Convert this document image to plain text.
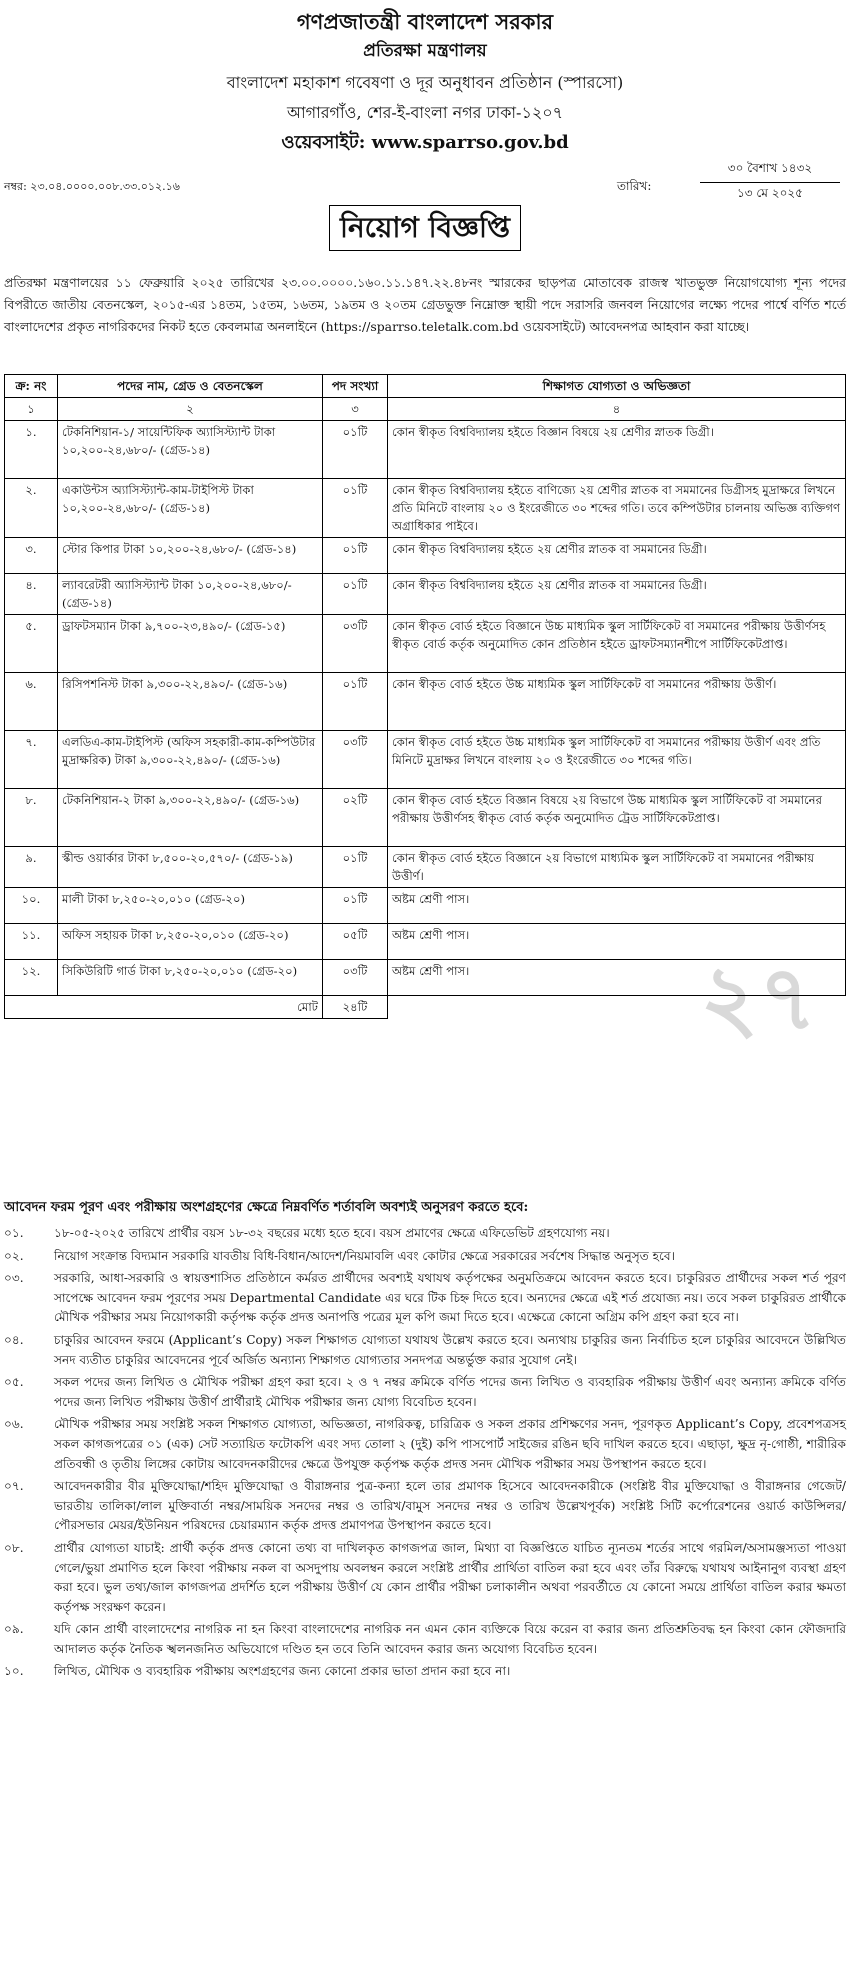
গণপ্রজাতন্ত্রী বাংলাদেশ সরকার
প্রতিরক্ষা মন্ত্রণালয়
বাংলাদেশ মহাকাশ গবেষণা ও দূর অনুধাবন প্রতিষ্ঠান (স্পারসো)
আগারগাঁও, শের-ই-বাংলা নগর ঢাকা-১২০৭
ওয়েবসাইট: www.sparrso.gov.bd
নম্বর: ২৩.০৪.০০০০.০০৮.৩৩.০১২.১৬	তারিখ:
৩০ বৈশাখ ১৪৩২
১৩ মে ২০২৫
নিয়োগ বিজ্ঞপ্তি
প্রতিরক্ষা মন্ত্রণালয়ের ১১ ফেব্রুয়ারি ২০২৫ তারিখের ২৩.০০.০০০০.১৬০.১১.১৪৭.২২.৪৮নং স্মারকের ছাড়পত্র মোতাবেক রাজস্ব খাতভুক্ত নিয়োগযোগ্য শূন্য পদের বিপরীতে জাতীয় বেতনস্কেল, ২০১৫-এর ১৪তম, ১৫তম, ১৬তম, ১৯তম ও ২০তম গ্রেডভুক্ত নিম্নোক্ত স্থায়ী পদে সরাসরি জনবল নিয়োগের লক্ষ্যে পদের পার্শ্বে বর্ণিত শর্তে বাংলাদেশের প্রকৃত নাগরিকদের নিকট হতে কেবলমাত্র অনলাইনে (https://sparrso.teletalk.com.bd ওয়েবসাইটে) আবেদনপত্র আহবান করা যাচ্ছে।
২৭
ক্র: নং	পদের নাম, গ্রেড ও বেতনস্কেল	পদ সংখ্যা	শিক্ষাগত যোগ্যতা ও অভিজ্ঞতা
১	২	৩	৪
১.	টেকনিশিয়ান-১/ সায়েন্টিফিক অ্যাসিস্ট্যান্ট টাকা ১০,২০০-২৪,৬৮০/- (গ্রেড-১৪)	০১টি	কোন স্বীকৃত বিশ্ববিদ্যালয় হইতে বিজ্ঞান বিষয়ে ২য় শ্রেণীর স্নাতক ডিগ্রী।
২.	একাউন্টস অ্যাসিস্ট্যান্ট-কাম-টাইপিস্ট টাকা ১০,২০০-২৪,৬৮০/- (গ্রেড-১৪)	০১টি	কোন স্বীকৃত বিশ্ববিদ্যালয় হইতে বাণিজ্যে ২য় শ্রেণীর স্নাতক বা সমমানের ডিগ্রীসহ মুদ্রাক্ষরে লিখনে প্রতি মিনিটে বাংলায় ২০ ও ইংরেজীতে ৩০ শব্দের গতি। তবে কম্পিউটার চালনায় অভিজ্ঞ ব্যক্তিগণ অগ্রাধিকার পাইবে।
৩.	স্টোর কিপার টাকা ১০,২০০-২৪,৬৮০/- (গ্রেড-১৪)	০১টি	কোন স্বীকৃত বিশ্ববিদ্যালয় হইতে ২য় শ্রেণীর স্নাতক বা সমমানের ডিগ্রী।
৪.	ল্যাবরেটরী অ্যাসিস্ট্যান্ট টাকা ১০,২০০-২৪,৬৮০/- (গ্রেড-১৪)	০১টি	কোন স্বীকৃত বিশ্ববিদ্যালয় হইতে ২য় শ্রেণীর স্নাতক বা সমমানের ডিগ্রী।
৫.	ড্রাফটসম্যান টাকা ৯,৭০০-২৩,৪৯০/- (গ্রেড-১৫)	০৩টি	কোন স্বীকৃত বোর্ড হইতে বিজ্ঞানে উচ্চ মাধ্যমিক স্কুল সার্টিফিকেট বা সমমানের পরীক্ষায় উত্তীর্ণসহ স্বীকৃত বোর্ড কর্তৃক অনুমোদিত কোন প্রতিষ্ঠান হইতে ড্রাফটসম্যানশীপে সার্টিফিকেটপ্রাপ্ত।
৬.	রিসিপশনিস্ট টাকা ৯,৩০০-২২,৪৯০/- (গ্রেড-১৬)	০১টি	কোন স্বীকৃত বোর্ড হইতে উচ্চ মাধ্যমিক স্কুল সার্টিফিকেট বা সমমানের পরীক্ষায় উত্তীর্ণ।
৭.	এলডিএ-কাম-টাইপিস্ট (অফিস সহকারী-কাম-কম্পিউটার মুদ্রাক্ষরিক) টাকা ৯,৩০০-২২,৪৯০/- (গ্রেড-১৬)	০৩টি	কোন স্বীকৃত বোর্ড হইতে উচ্চ মাধ্যমিক স্কুল সার্টিফিকেট বা সমমানের পরীক্ষায় উত্তীর্ণ এবং প্রতি মিনিটে মুদ্রাক্ষর লিখনে বাংলায় ২০ ও ইংরেজীতে ৩০ শব্দের গতি।
৮.	টেকনিশিয়ান-২ টাকা ৯,৩০০-২২,৪৯০/- (গ্রেড-১৬)	০২টি	কোন স্বীকৃত বোর্ড হইতে বিজ্ঞান বিষয়ে ২য় বিভাগে উচ্চ মাধ্যমিক স্কুল সার্টিফিকেট বা সমমানের পরীক্ষায় উত্তীর্ণসহ স্বীকৃত বোর্ড কর্তৃক অনুমোদিত ট্রেড সার্টিফিকেটপ্রাপ্ত।
৯.	স্কীল্ড ওয়ার্কার টাকা ৮,৫০০-২০,৫৭০/- (গ্রেড-১৯)	০১টি	কোন স্বীকৃত বোর্ড হইতে বিজ্ঞানে ২য় বিভাগে মাধ্যমিক স্কুল সার্টিফিকেট বা সমমানের পরীক্ষায় উত্তীর্ণ।
১০.	মালী টাকা ৮,২৫০-২০,০১০ (গ্রেড-২০)	০১টি	অষ্টম শ্রেণী পাস।
১১.	অফিস সহায়ক টাকা ৮,২৫০-২০,০১০ (গ্রেড-২০)	০৫টি	অষ্টম শ্রেণী পাস।
১২.	সিকিউরিটি গার্ড টাকা ৮,২৫০-২০,০১০ (গ্রেড-২০)	০৩টি	অষ্টম শ্রেণী পাস।
মোট		২৪টি	
আবেদন ফরম পূরণ এবং পরীক্ষায় অংশগ্রহণের ক্ষেত্রে নিম্নবর্ণিত শর্তাবলি অবশ্যই অনুসরণ করতে হবে:
০১.	১৮-০৫-২০২৫ তারিখে প্রার্থীর বয়স ১৮-৩২ বছরের মধ্যে হতে হবে। বয়স প্রমাণের ক্ষেত্রে এফিডেভিট গ্রহণযোগ্য নয়।
০২.	নিয়োগ সংক্রান্ত বিদ্যমান সরকারি যাবতীয় বিধি-বিধান/আদেশ/নিয়মাবলি এবং কোটার ক্ষেত্রে সরকারের সর্বশেষ সিদ্ধান্ত অনুসৃত হবে।
০৩.	সরকারি, আধা-সরকারি ও স্বায়ত্তশাসিত প্রতিষ্ঠানে কর্মরত প্রার্থীদের অবশ্যই যথাযথ কর্তৃপক্ষের অনুমতিক্রমে আবেদন করতে হবে। চাকুরিরত প্রার্থীদের সকল শর্ত পূরণ সাপেক্ষে আবেদন ফরম পূরণের সময় Departmental Candidate এর ঘরে টিক চিহ্ন দিতে হবে। অন্যদের ক্ষেত্রে এই শর্ত প্রযোজ্য নয়। তবে সকল চাকুরিরত প্রার্থীকে মৌখিক পরীক্ষার সময় নিয়োগকারী কর্তৃপক্ষ কর্তৃক প্রদত্ত অনাপত্তি পত্রের মূল কপি জমা দিতে হবে। এক্ষেত্রে কোনো অগ্রিম কপি গ্রহণ করা হবে না।
০৪.	চাকুরির আবেদন ফরমে (Applicant’s Copy) সকল শিক্ষাগত যোগ্যতা যথাযথ উল্লেখ করতে হবে। অন্যথায় চাকুরির জন্য নির্বাচিত হলে চাকুরির আবেদনে উল্লিখিত সনদ ব্যতীত চাকুরির আবেদনের পূর্বে অর্জিত অন্যান্য শিক্ষাগত যোগ্যতার সনদপত্র অন্তর্ভুক্ত করার সুযোগ নেই।
০৫.	সকল পদের জন্য লিখিত ও মৌখিক পরীক্ষা গ্রহণ করা হবে। ২ ও ৭ নম্বর ক্রমিকে বর্ণিত পদের জন্য লিখিত ও ব্যবহারিক পরীক্ষায় উত্তীর্ণ এবং অন্যান্য ক্রমিকে বর্ণিত পদের জন্য লিখিত পরীক্ষায় উত্তীর্ণ প্রার্থীরাই মৌখিক পরীক্ষার জন্য যোগ্য বিবেচিত হবেন।
০৬.	মৌখিক পরীক্ষার সময় সংশ্লিষ্ট সকল শিক্ষাগত যোগ্যতা, অভিজ্ঞতা, নাগরিকত্ব, চারিত্রিক ও সকল প্রকার প্রশিক্ষণের সনদ, পূরণকৃত Applicant’s Copy, প্রবেশপত্রসহ সকল কাগজপত্রের ০১ (এক) সেট সত্যায়িত ফটোকপি এবং সদ্য তোলা ২ (দুই) কপি পাসপোর্ট সাইজের রঙিন ছবি দাখিল করতে হবে। এছাড়া, ক্ষুদ্র নৃ-গোষ্ঠী, শারীরিক প্রতিবন্ধী ও তৃতীয় লিঙ্গের কোটায় আবেদনকারীদের ক্ষেত্রে উপযুক্ত কর্তৃপক্ষ কর্তৃক প্রদত্ত সনদ মৌখিক পরীক্ষার সময় উপস্থাপন করতে হবে।
০৭.	আবেদনকারীর বীর মুক্তিযোদ্ধা/শহিদ মুক্তিযোদ্ধা ও বীরাঙ্গনার পুত্র-কন্যা হলে তার প্রমাণক হিসেবে আবেদনকারীকে (সংশ্লিষ্ট বীর মুক্তিযোদ্ধা ও বীরাঙ্গনার গেজেট/ভারতীয় তালিকা/লাল মুক্তিবার্তা নম্বর/সাময়িক সনদের নম্বর ও তারিখ/বামুস সনদের নম্বর ও তারিখ উল্লেখপূর্বক) সংশ্লিষ্ট সিটি কর্পোরেশনের ওয়ার্ড কাউন্সিলর/পৌরসভার মেয়র/ইউনিয়ন পরিষদের চেয়ারম্যান কর্তৃক প্রদত্ত প্রমাণপত্র উপস্থাপন করতে হবে।
০৮.	প্রার্থীর যোগ্যতা যাচাই: প্রার্থী কর্তৃক প্রদত্ত কোনো তথ্য বা দাখিলকৃত কাগজপত্র জাল, মিথ্যা বা বিজ্ঞপ্তিতে যাচিত ন্যূনতম শর্তের সাথে গরমিল/অসামঞ্জস্যতা পাওয়া গেলে/ভুয়া প্রমাণিত হলে কিংবা পরীক্ষায় নকল বা অসদুপায় অবলম্বন করলে সংশ্লিষ্ট প্রার্থীর প্রার্থিতা বাতিল করা হবে এবং তাঁর বিরুদ্ধে যথাযথ আইনানুগ ব্যবস্থা গ্রহণ করা হবে। ভুল তথ্য/জাল কাগজপত্র প্রদর্শিত হলে পরীক্ষায় উত্তীর্ণ যে কোন প্রার্থীর পরীক্ষা চলাকালীন অথবা পরবর্তীতে যে কোনো সময়ে প্রার্থিতা বাতিল করার ক্ষমতা কর্তৃপক্ষ সংরক্ষণ করেন।
০৯.	যদি কোন প্রার্থী বাংলাদেশের নাগরিক না হন কিংবা বাংলাদেশের নাগরিক নন এমন কোন ব্যক্তিকে বিয়ে করেন বা করার জন্য প্রতিশ্রুতিবদ্ধ হন কিংবা কোন ফৌজদারি আদালত কর্তৃক নৈতিক স্খলনজনিত অভিযোগে দণ্ডিত হন তবে তিনি আবেদন করার জন্য অযোগ্য বিবেচিত হবেন।
১০.	লিখিত, মৌখিক ও ব্যবহারিক পরীক্ষায় অংশগ্রহণের জন্য কোনো প্রকার ভাতা প্রদান করা হবে না।
